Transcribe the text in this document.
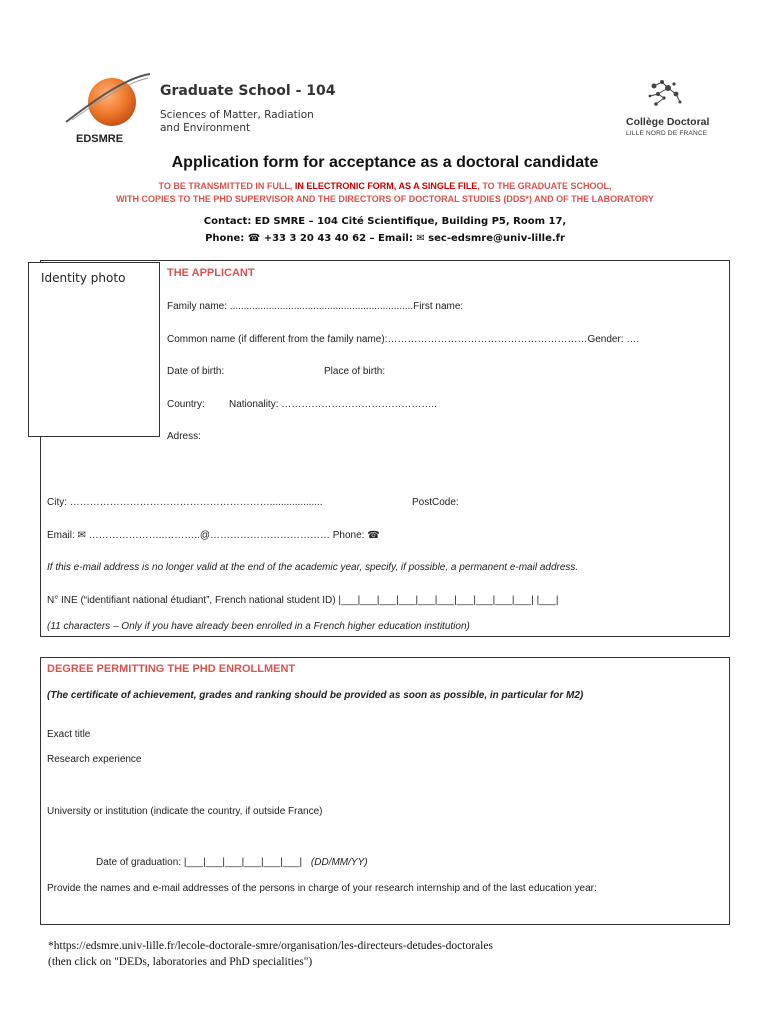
EDSMRE
Graduate School - 104
Sciences of Matter, Radiation
and Environment	Collège Doctoral
LILLE NORD DE FRANCE
Application form for acceptance as a doctoral candidate
TO BE TRANSMITTED IN FULL, IN ELECTRONIC FORM, AS A SINGLE FILE, TO THE GRADUATE SCHOOL,
WITH COPIES TO THE PHD SUPERVISOR AND THE DIRECTORS OF DOCTORAL STUDIES (DDS*) AND OF THE LABORATORY
Contact: ED SMRE – 104 Cité Scientifique, Building P5, Room 17,
Phone: ☎ +33 3 20 43 40 62 – Email: ✉ sec-edsmre@univ-lille.fr
Identity photo	THE APPLICANT
Family name: ..................................................................First name:
Common name (if different from the family name):……………………………………………………Gender: ….
Date of birth:	Place of birth:
Country: Nationality: ………………………………………..
Adress:
City: ……………………………………………………...................	PostCode:
Email: ✉ …………………..………..@……………………………… Phone: ☎
If this e-mail address is no longer valid at the end of the academic year, specify, if possible, a permanent e-mail address.
N° INE (“identifiant national étudiant”, French national student ID) |___|___|___|___|___|___|___|___|___|___| |___|
(11 characters – Only if you have already been enrolled in a French higher education institution)
DEGREE PERMITTING THE PHD ENROLLMENT
(The certificate of achievement, grades and ranking should be provided as soon as possible, in particular for M2)
Exact title
Research experience
University or institution (indicate the country, if outside France)
Date of graduation: |___|___|___|___|___|___| (DD/MM/YY)
Provide the names and e-mail addresses of the persons in charge of your research internship and of the last education year:
*https://edsmre.univ-lille.fr/lecole-doctorale-smre/organisation/les-directeurs-detudes-doctorales
(then click on "DEDs, laboratories and PhD specialities")
